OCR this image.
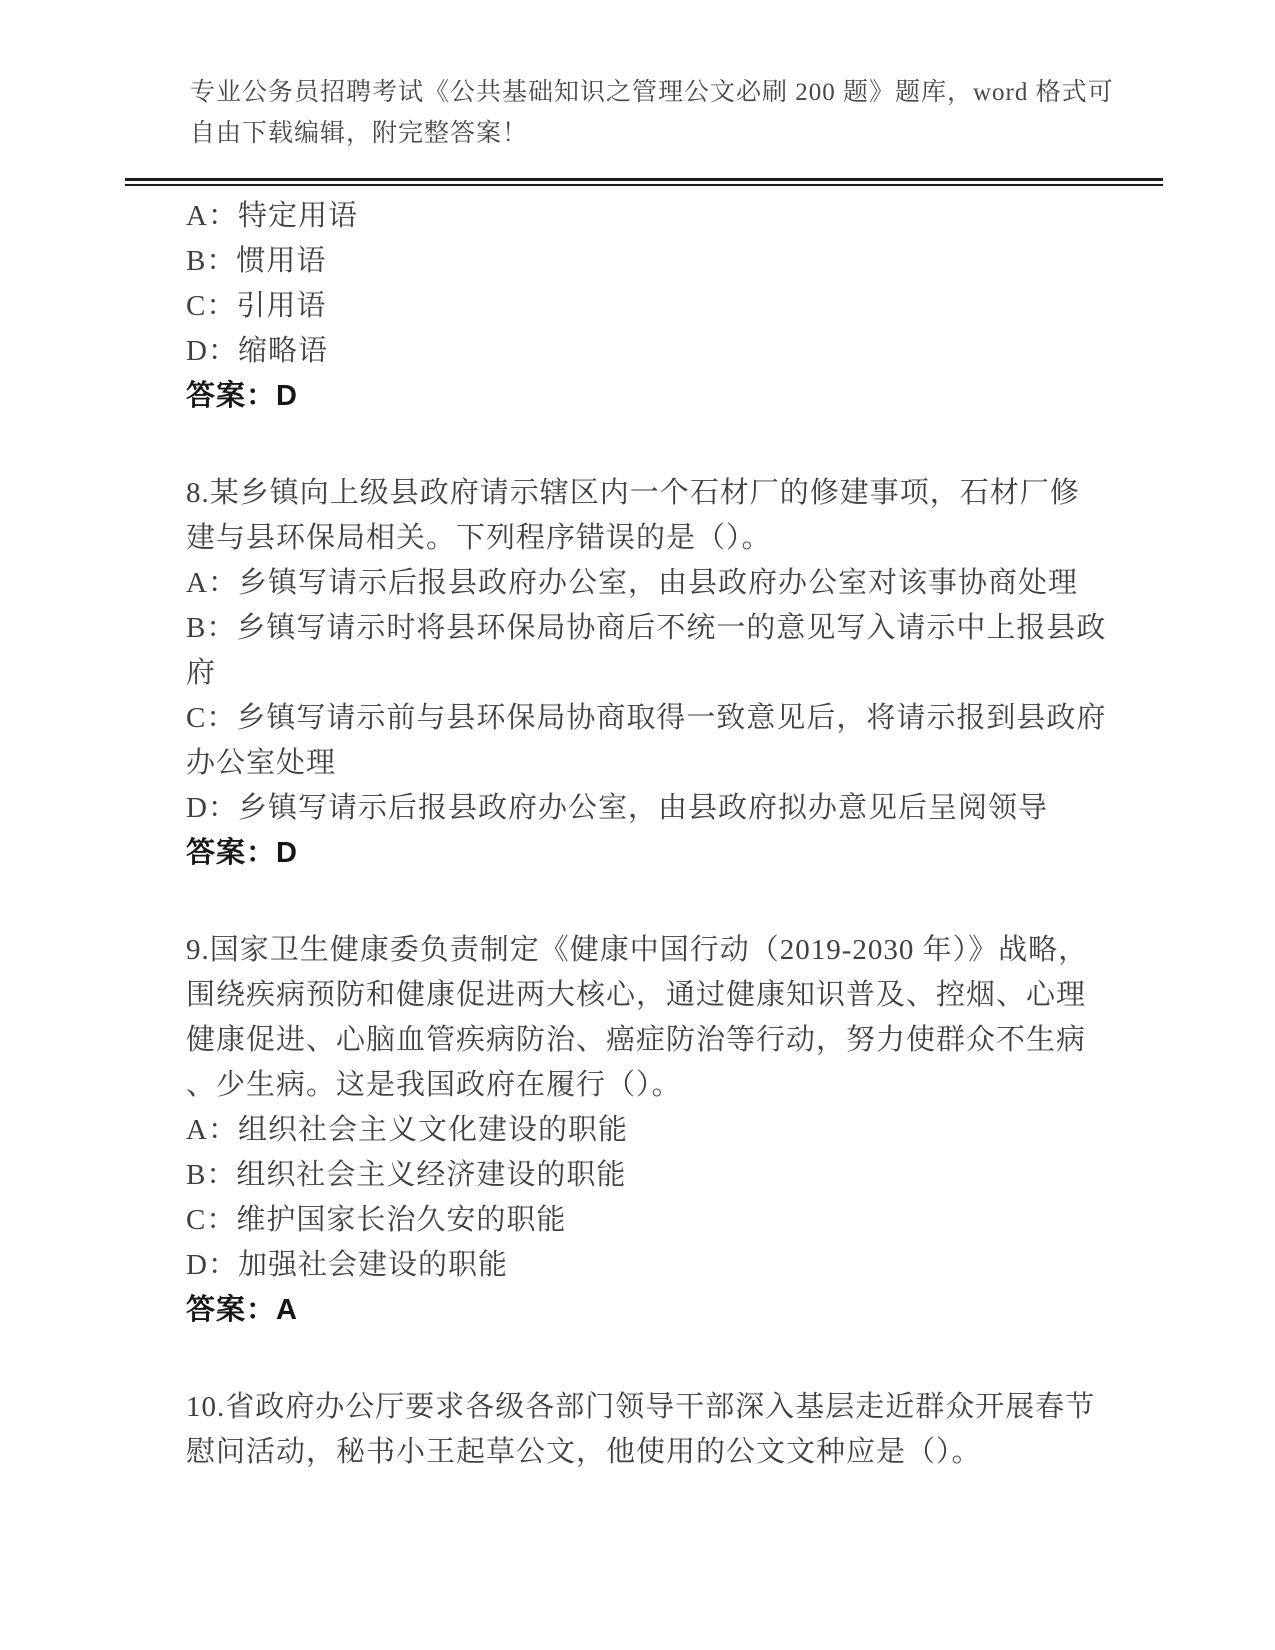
专业公务员招聘考试《公共基础知识之管理公文必刷 200 题》题库，word 格式可
自由下载编辑，附完整答案！
A：特定用语
B：惯用语
C：引用语
D：缩略语
答案：D
8.某乡镇向上级县政府请示辖区内一个石材厂的修建事项，石材厂修
建与县环保局相关。下列程序错误的是（）。
A：乡镇写请示后报县政府办公室，由县政府办公室对该事协商处理
B：乡镇写请示时将县环保局协商后不统一的意见写入请示中上报县政
府
C：乡镇写请示前与县环保局协商取得一致意见后，将请示报到县政府
办公室处理
D：乡镇写请示后报县政府办公室，由县政府拟办意见后呈阅领导
答案：D
9.国家卫生健康委负责制定《健康中国行动（2019-2030 年）》战略，
围绕疾病预防和健康促进两大核心，通过健康知识普及、控烟、心理
健康促进、心脑血管疾病防治、癌症防治等行动，努力使群众不生病
、少生病。这是我国政府在履行（）。
A：组织社会主义文化建设的职能
B：组织社会主义经济建设的职能
C：维护国家长治久安的职能
D：加强社会建设的职能
答案：A
10.省政府办公厅要求各级各部门领导干部深入基层走近群众开展春节
慰问活动，秘书小王起草公文，他使用的公文文种应是（）。
